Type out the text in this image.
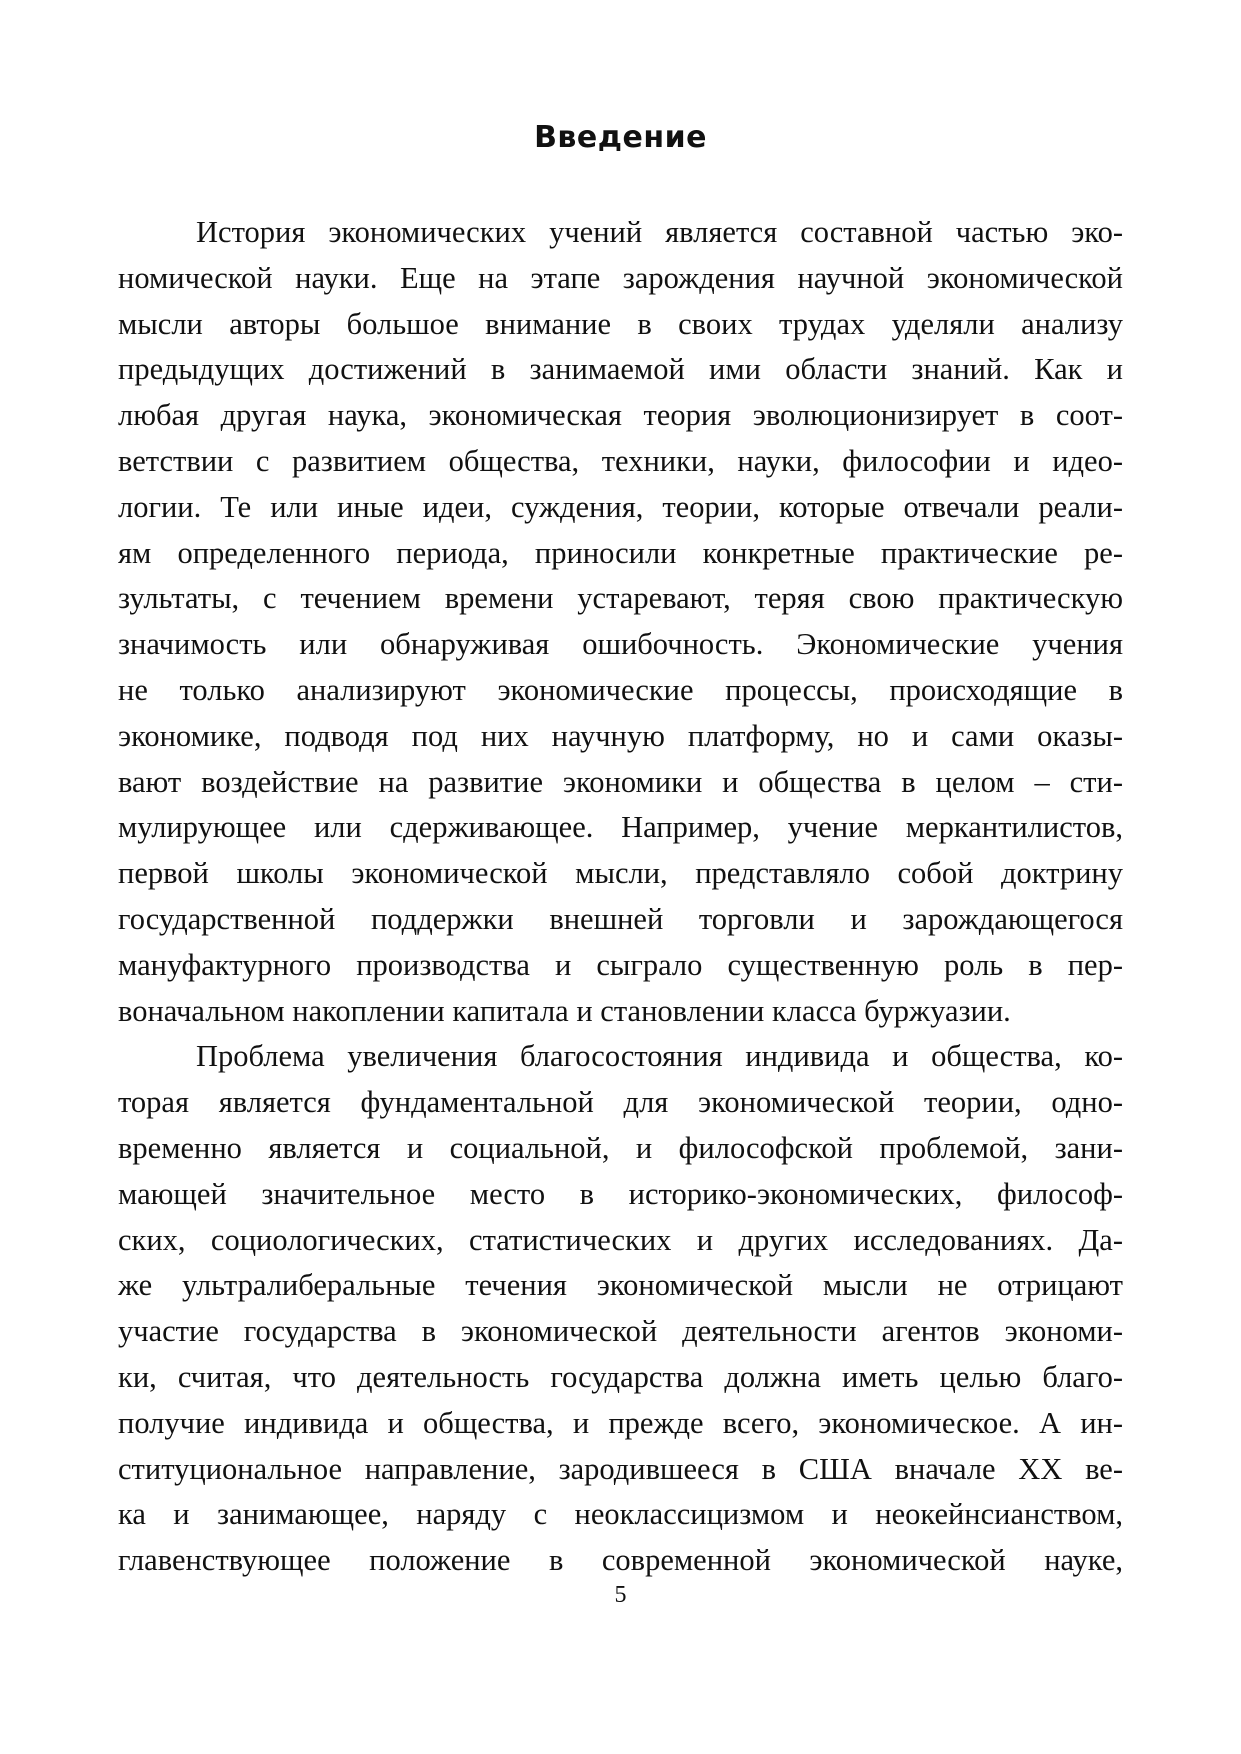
Введение
История экономических учений является составной частью эко-
номической науки. Еще на этапе зарождения научной экономической
мысли авторы большое внимание в своих трудах уделяли анализу
предыдущих достижений в занимаемой ими области знаний. Как и
любая другая наука, экономическая теория эволюционизирует в соот-
ветствии с развитием общества, техники, науки, философии и идео-
логии. Те или иные идеи, суждения, теории, которые отвечали реали-
ям определенного периода, приносили конкретные практические ре-
зультаты, с течением времени устаревают, теряя свою практическую
значимость или обнаруживая ошибочность. Экономические учения
не только анализируют экономические процессы, происходящие в
экономике, подводя под них научную платформу, но и сами оказы-
вают воздействие на развитие экономики и общества в целом – сти-
мулирующее или сдерживающее. Например, учение меркантилистов,
первой школы экономической мысли, представляло собой доктрину
государственной поддержки внешней торговли и зарождающегося
мануфактурного производства и сыграло существенную роль в пер-
воначальном накоплении капитала и становлении класса буржуазии.
Проблема увеличения благосостояния индивида и общества, ко-
торая является фундаментальной для экономической теории, одно-
временно является и социальной, и философской проблемой, зани-
мающей значительное место в историко-экономических, философ-
ских, социологических, статистических и других исследованиях. Да-
же ультралиберальные течения экономической мысли не отрицают
участие государства в экономической деятельности агентов экономи-
ки, считая, что деятельность государства должна иметь целью благо-
получие индивида и общества, и прежде всего, экономическое. А ин-
ституциональное направление, зародившееся в США вначале XX ве-
ка и занимающее, наряду с неоклассицизмом и неокейнсианством,
главенствующее положение в современной экономической науке,
5
